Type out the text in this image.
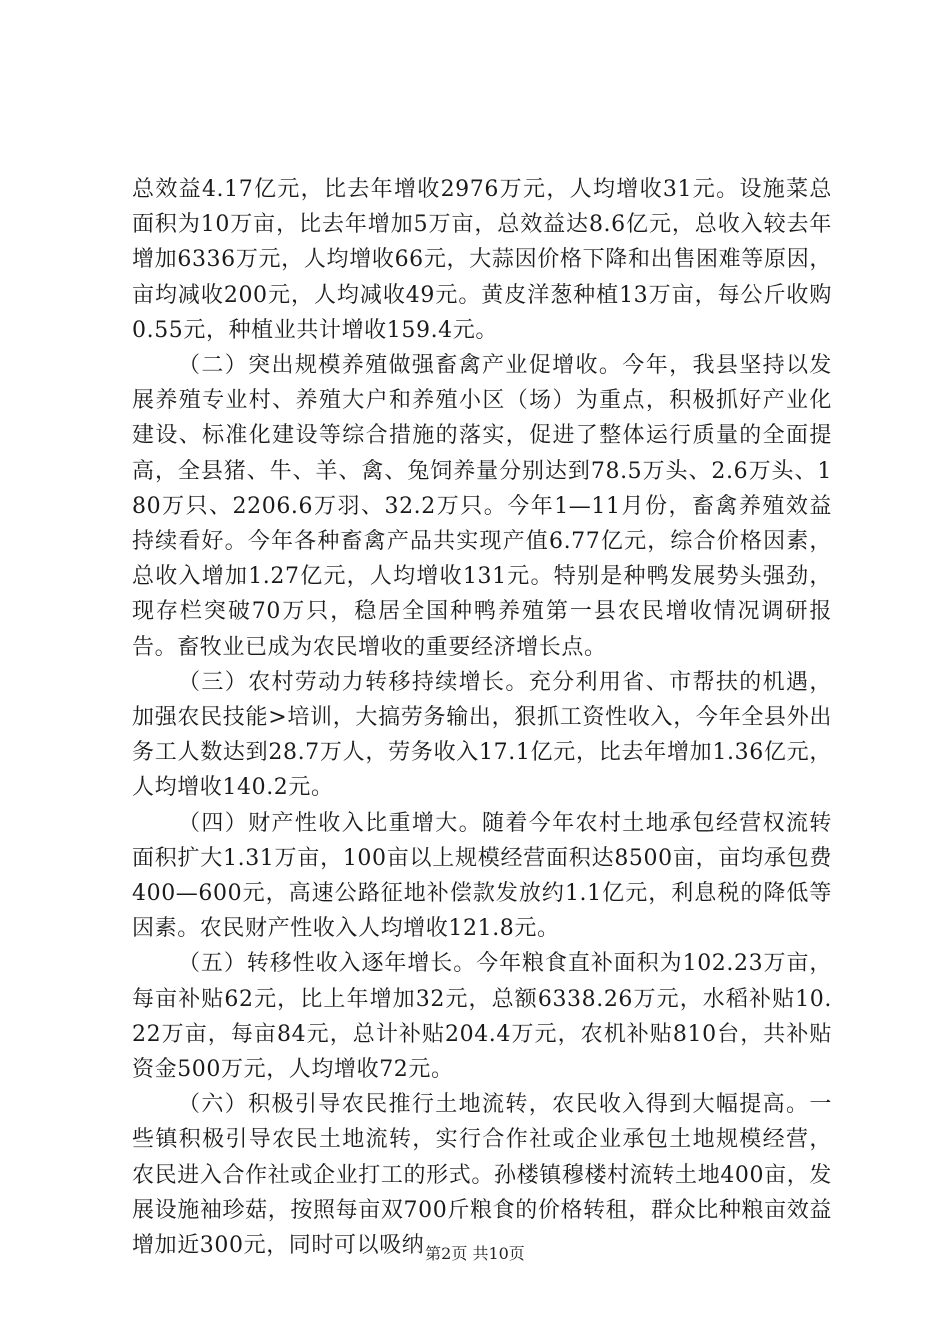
总效益4.17亿元，比去年增收2976万元，人均增收31元。设施菜总面积为10万亩，比去年增加5万亩，总效益达8.6亿元，总收入较去年增加6336万元，人均增收66元，大蒜因价格下降和出售困难等原因，亩均减收200元，人均减收49元。黄皮洋葱种植13万亩，每公斤收购0.55元，种植业共计增收159.4元。

（二）突出规模养殖做强畜禽产业促增收。今年，我县坚持以发展养殖专业村、养殖大户和养殖小区（场）为重点，积极抓好产业化建设、标准化建设等综合措施的落实，促进了整体运行质量的全面提高，全县猪、牛、羊、禽、兔饲养量分别达到78.5万头、2.6万头、180万只、2206.6万羽、32.2万只。今年1—11月份，畜禽养殖效益持续看好。今年各种畜禽产品共实现产值6.77亿元，综合价格因素，总收入增加1.27亿元，人均增收131元。特别是种鸭发展势头强劲，现存栏突破70万只，稳居全国种鸭养殖第一县农民增收情况调研报告。畜牧业已成为农民增收的重要经济增长点。

（三）农村劳动力转移持续增长。充分利用省、市帮扶的机遇，加强农民技能>培训，大搞劳务输出，狠抓工资性收入，今年全县外出务工人数达到28.7万人，劳务收入17.1亿元，比去年增加1.36亿元，人均增收140.2元。

（四）财产性收入比重增大。随着今年农村土地承包经营权流转面积扩大1.31万亩，100亩以上规模经营面积达8500亩，亩均承包费400—600元，高速公路征地补偿款发放约1.1亿元，利息税的降低等因素。农民财产性收入人均增收121.8元。

（五）转移性收入逐年增长。今年粮食直补面积为102.23万亩，每亩补贴62元，比上年增加32元，总额6338.26万元，水稻补贴10.22万亩，每亩84元，总计补贴204.4万元，农机补贴810台，共补贴资金500万元，人均增收72元。

（六）积极引导农民推行土地流转，农民收入得到大幅提高。一些镇积极引导农民土地流转，实行合作社或企业承包土地规模经营，农民进入合作社或企业打工的形式。孙楼镇穆楼村流转土地400亩，发展设施袖珍菇，按照每亩双700斤粮食的价格转租，群众比种粮亩效益增加近300元，同时可以吸纳 第2页 共10页
